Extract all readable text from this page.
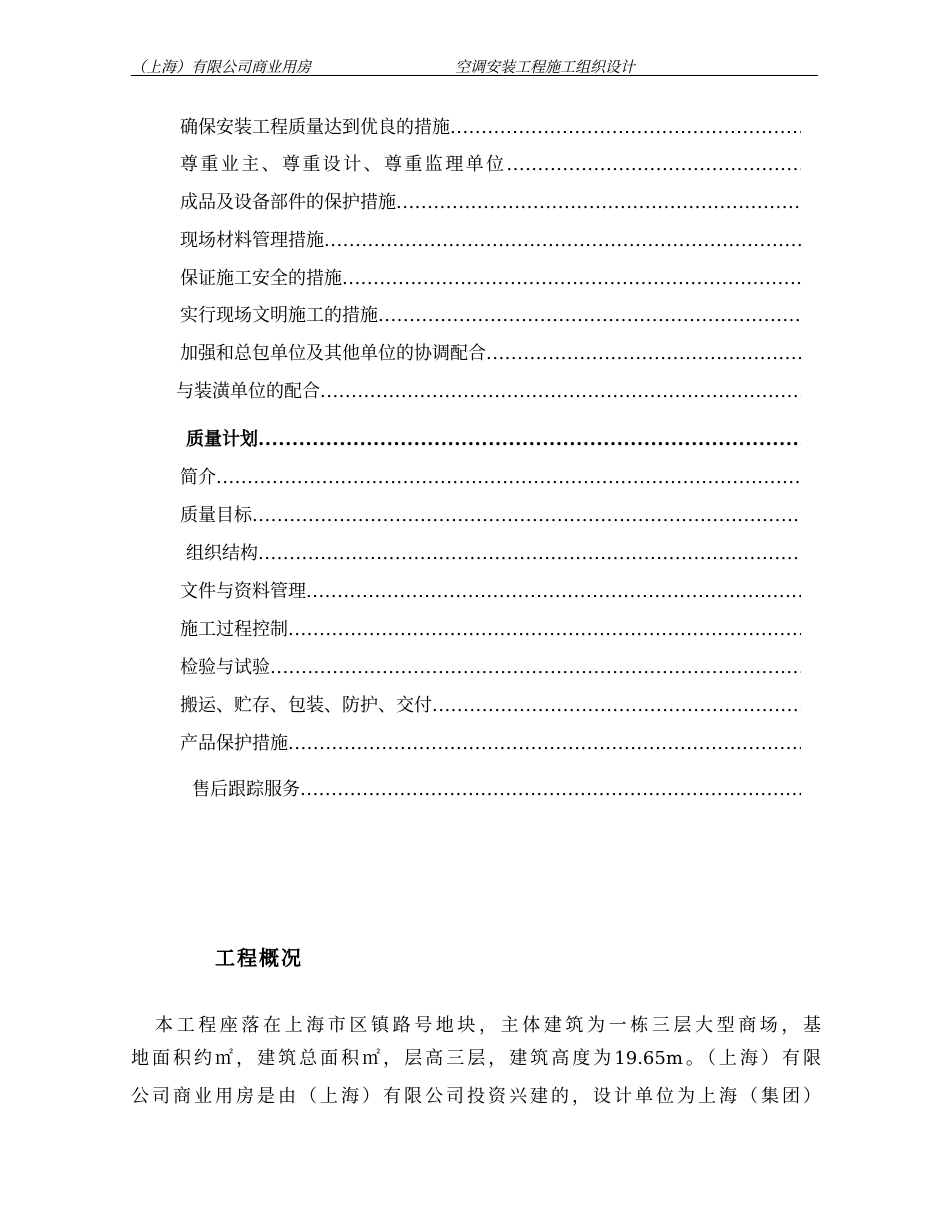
（上海）有限公司商业用房	空调安装工程施工组织设计
确保安装工程质量达到优良的措施
.....
尊重业主、尊重设计、尊重监理单位
.....
成品及设备部件的保护措施
.....
现场材料管理措施
.....
保证施工安全的措施
.....
实行现场文明施工的措施
.....
加强和总包单位及其他单位的协调配合
.....
与装潢单位的配合
.....
质量计划
.....
简介
.....
质量目标
.....
组织结构
.....
文件与资料管理
.....
施工过程控制
.....
检验与试验
.....
搬运、贮存、包装、防护、交付
.....
产品保护措施
.....
售后跟踪服务
.....
工程概况
本工程座落在上海市区镇路号地块，主体建筑为一栋三层大型商场，基
地面积约㎡，建筑总面积㎡，层高三层，建筑高度为19.65m。（上海）有限
公司商业用房是由（上海）有限公司投资兴建的，设计单位为上海（集团）
